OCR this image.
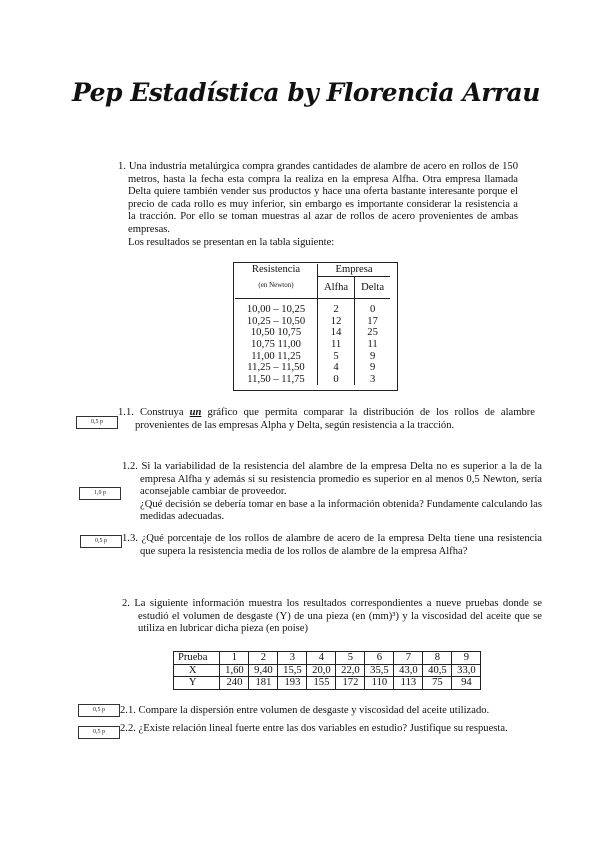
Pep Estadística by Florencia Arrau
1. Una industria metalúrgica compra grandes cantidades de alambre de acero en rollos de 150 metros, hasta la fecha esta compra la realiza en la empresa Alfha. Otra empresa llamada Delta quiere también vender sus productos y hace una oferta bastante interesante porque el precio de cada rollo es muy inferior, sin embargo es importante considerar la resistencia a la tracción. Por ello se toman muestras al azar de rollos de acero provenientes de ambas empresas.
Los resultados se presentan en la tabla siguiente:
Resistencia
(en Newton)	Empresa	
	Alfha	Delta
10,00 – 10,25	2	0
10,25 – 10,50	12	17
10,50 10,75	14	25
10,75 11,00	11	11
11,00 11,25	5	9
11,25 – 11,50	4	9
11,50 – 11,75	0	3
0,5 p
1.1. Construya un gráfico que permita comparar la distribución de los rollos de alambre provenientes de las empresas Alpha y Delta, según resistencia a la tracción.
1,0 p
1.2. Si la variabilidad de la resistencia del alambre de la empresa Delta no es superior a la de la empresa Alfha y además si su resistencia promedio es superior en al menos 0,5 Newton, sería aconsejable cambiar de proveedor.
¿Qué decisión se debería tomar en base a la información obtenida? Fundamente calculando las medidas adecuadas.
0,5 p	1.3. ¿Qué porcentaje de los rollos de alambre de acero de la empresa Delta tiene una resistencia que supera la resistencia media de los rollos de alambre de la empresa Alfha?
2. La siguiente información muestra los resultados correspondientes a nueve pruebas donde se estudió el volumen de desgaste (Y) de una pieza (en (mm)³) y la viscosidad del aceite que se utiliza en lubricar dicha pieza (en poise)
Prueba	1	2	3	4	5	6	7	8	9
X	1,60	9,40	15,5	20,0	22,0	35,5	43,0	40,5	33,0
Y	240	181	193	155	172	110	113	75	94
0,5 p	2.1. Compare la dispersión entre volumen de desgaste y viscosidad del aceite utilizado.
0,5 p	2.2. ¿Existe relación lineal fuerte entre las dos variables en estudio? Justifique su respuesta.
